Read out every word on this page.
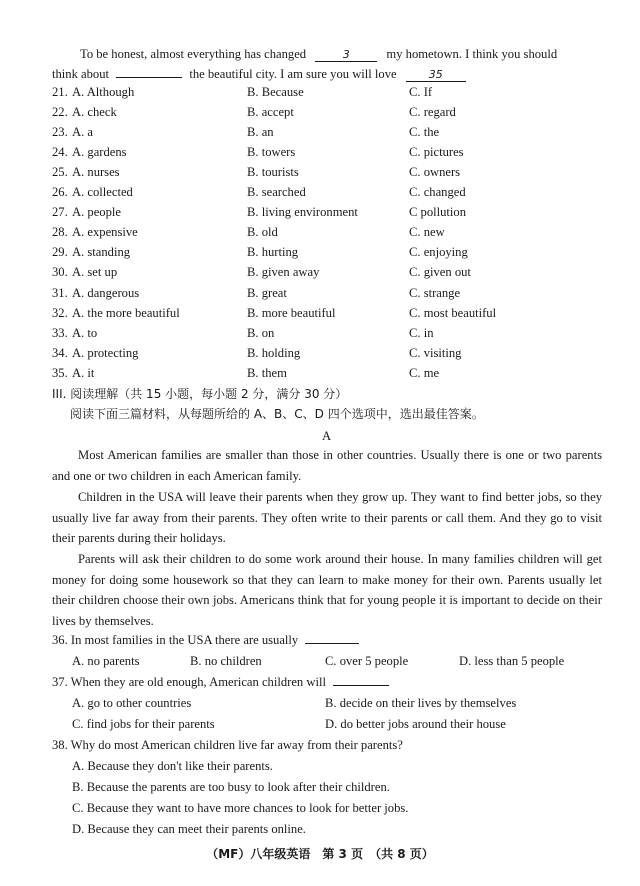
To be honest, almost everything has changed	3	my hometown. I think you should
think about	the beautiful city. I am sure you will love	35
21. A. Although	B. Because	C. If
22. A. check	B. accept	C. regard
23. A. a	B. an	C. the
24. A. gardens	B. towers	C. pictures
25. A. nurses	B. tourists	C. owners
26. A. collected	B. searched	C. changed
27. A. people	B. living environment	C pollution
28. A. expensive	B. old	C. new
29. A. standing	B. hurting	C. enjoying
30. A. set up	B. given away	C. given out
31. A. dangerous	B. great	C. strange
32. A. the more beautiful	B. more beautiful	C. most beautiful
33. A. to	B. on	C. in
34. A. protecting	B. holding	C. visiting
35. A. it	B. them	C. me
III. 阅读理解（共 15 小题，每小题 2 分，满分 30 分）
阅读下面三篇材料，从每题所给的 A、B、C、D 四个选项中，选出最佳答案。
A
Most American families are smaller than those in other countries. Usually there is one or two parents and one or two children in each American family.
Children in the USA will leave their parents when they grow up. They want to find better jobs, so they usually live far away from their parents. They often write to their parents or call them. And they go to visit their parents during their holidays.
Parents will ask their children to do some work around their house. In many families children will get money for doing some housework so that they can learn to make money for their own. Parents usually let their children choose their own jobs. Americans think that for young people it is important to decide on their lives by themselves.
36. In most families in the USA there are usually
A. no parents	B. no children	C. over 5 people	D. less than 5 people
37. When they are old enough, American children will
A. go to other countries	B. decide on their lives by themselves
C. find jobs for their parents	D. do better jobs around their house
38. Why do most American children live far away from their parents?
A. Because they don't like their parents.
B. Because the parents are too busy to look after their children.
C. Because they want to have more chances to look for better jobs.
D. Because they can meet their parents online.
（MF）八年级英语　第 3 页　（共 8 页）
